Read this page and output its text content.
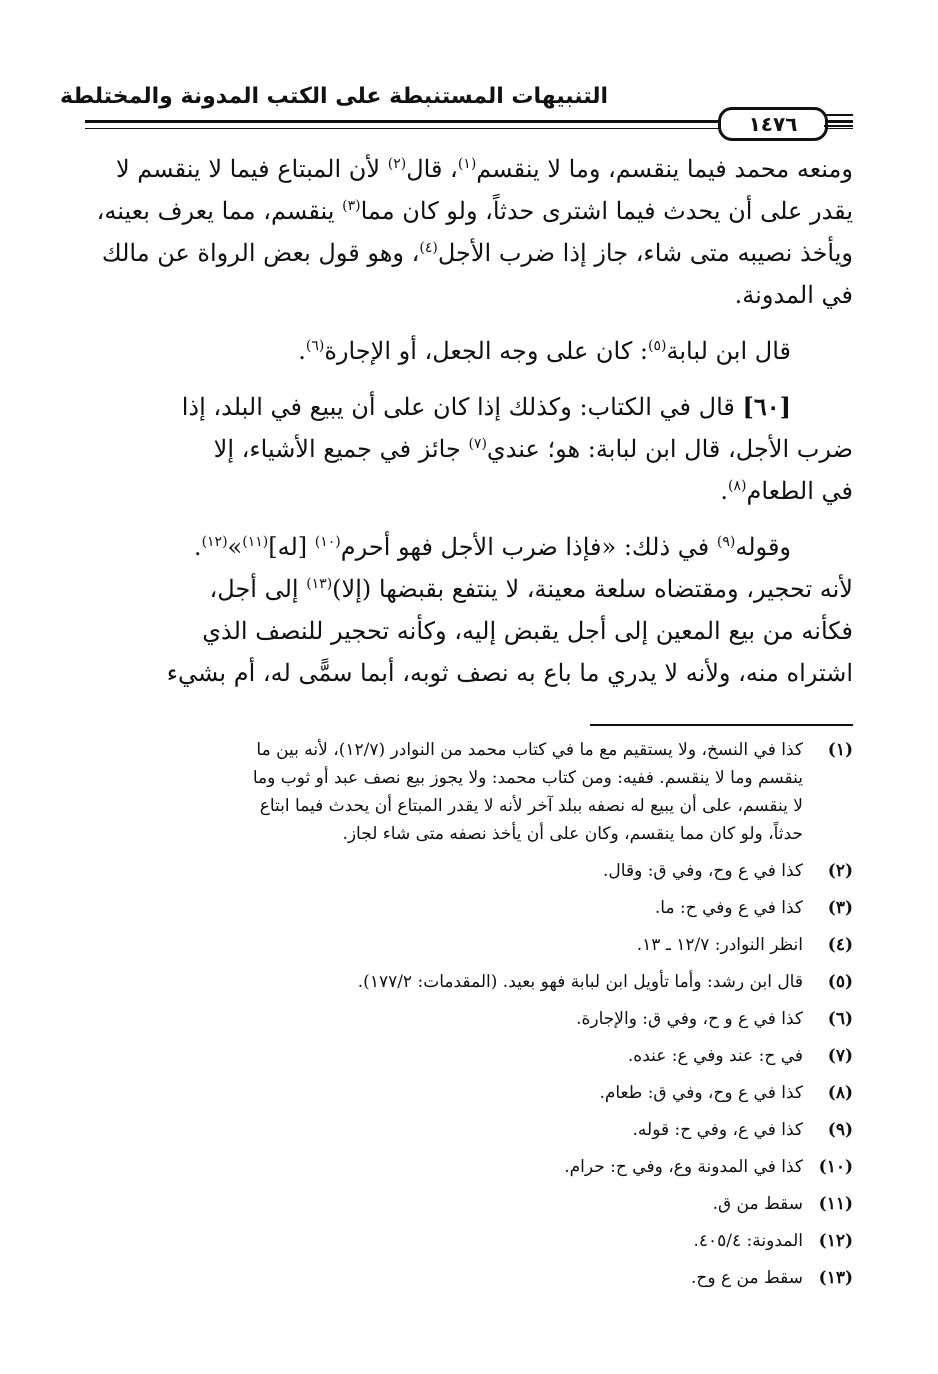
التنبيهات المستنبطة على الكتب المدونة والمختلطة
١٤٧٦
ومنعه محمد فيما ينقسم، وما لا ينقسم$^{(١)}$، قال$^{(٢)}$ لأن المبتاع فيما لا ينقسم لا
يقدر على أن يحدث فيما اشترى حدثاً، ولو كان مما$^{(٣)}$ ينقسم، مما يعرف بعينه،
ويأخذ نصيبه متى شاء، جاز إذا ضرب الأجل$^{(٤)}$، وهو قول بعض الرواة عن مالك
في المدونة.
قال ابن لبابة$^{(٥)}$: كان على وجه الجعل، أو الإجارة$^{(٦)}$.
[٦٠] قال في الكتاب: وكذلك إذا كان على أن يبيع في البلد، إذا
ضرب الأجل، قال ابن لبابة: هو؛ عندي$^{(٧)}$ جائز في جميع الأشياء، إلا
في الطعام$^{(٨)}$.
وقوله$^{(٩)}$ في ذلك: «فإذا ضرب الأجل فهو أحرم$^{(١٠)}$ [له]$^{(١١)}$»$^{(١٢)}$.
لأنه تحجير، ومقتضاه سلعة معينة، لا ينتفع بقبضها (إلا)$^{(١٣)}$ إلى أجل،
فكأنه من بيع المعين إلى أجل يقبض إليه، وكأنه تحجير للنصف الذي
اشتراه منه، ولأنه لا يدري ما باع به نصف ثوبه، أبما سمًّى له، أم بشيء
(١)
كذا في النسخ، ولا يستقيم مع ما في كتاب محمد من النوادر (١٢/٧)، لأنه بين ما
ينقسم وما لا ينقسم. ففيه: ومن كتاب محمد: ولا يجوز بيع نصف عبد أو ثوب وما
لا ينقسم، على أن يبيع له نصفه ببلد آخر لأنه لا يقدر المبتاع أن يحدث فيما ابتاع
حدثاً، ولو كان مما ينقسم، وكان على أن يأخذ نصفه متى شاء لجاز.
(٢)
كذا في ع وح، وفي ق: وقال.
(٣)
كذا في ع وفي ح: ما.
(٤)
انظر النوادر: ١٢/٧ ـ ١٣.
(٥)
قال ابن رشد: وأما تأويل ابن لبابة فهو بعيد. (المقدمات: ١٧٧/٢).
(٦)
كذا في ع و ح، وفي ق: والإجارة.
(٧)
في ح: عند وفي ع: عنده.
(٨)
كذا في ع وح، وفي ق: طعام.
(٩)
كذا في ع، وفي ح: قوله.
(١٠)
كذا في المدونة وع، وفي ح: حرام.
(١١)
سقط من ق.
(١٢)
المدونة: ٤٠٥/٤.
(١٣)
سقط من ع وح.
